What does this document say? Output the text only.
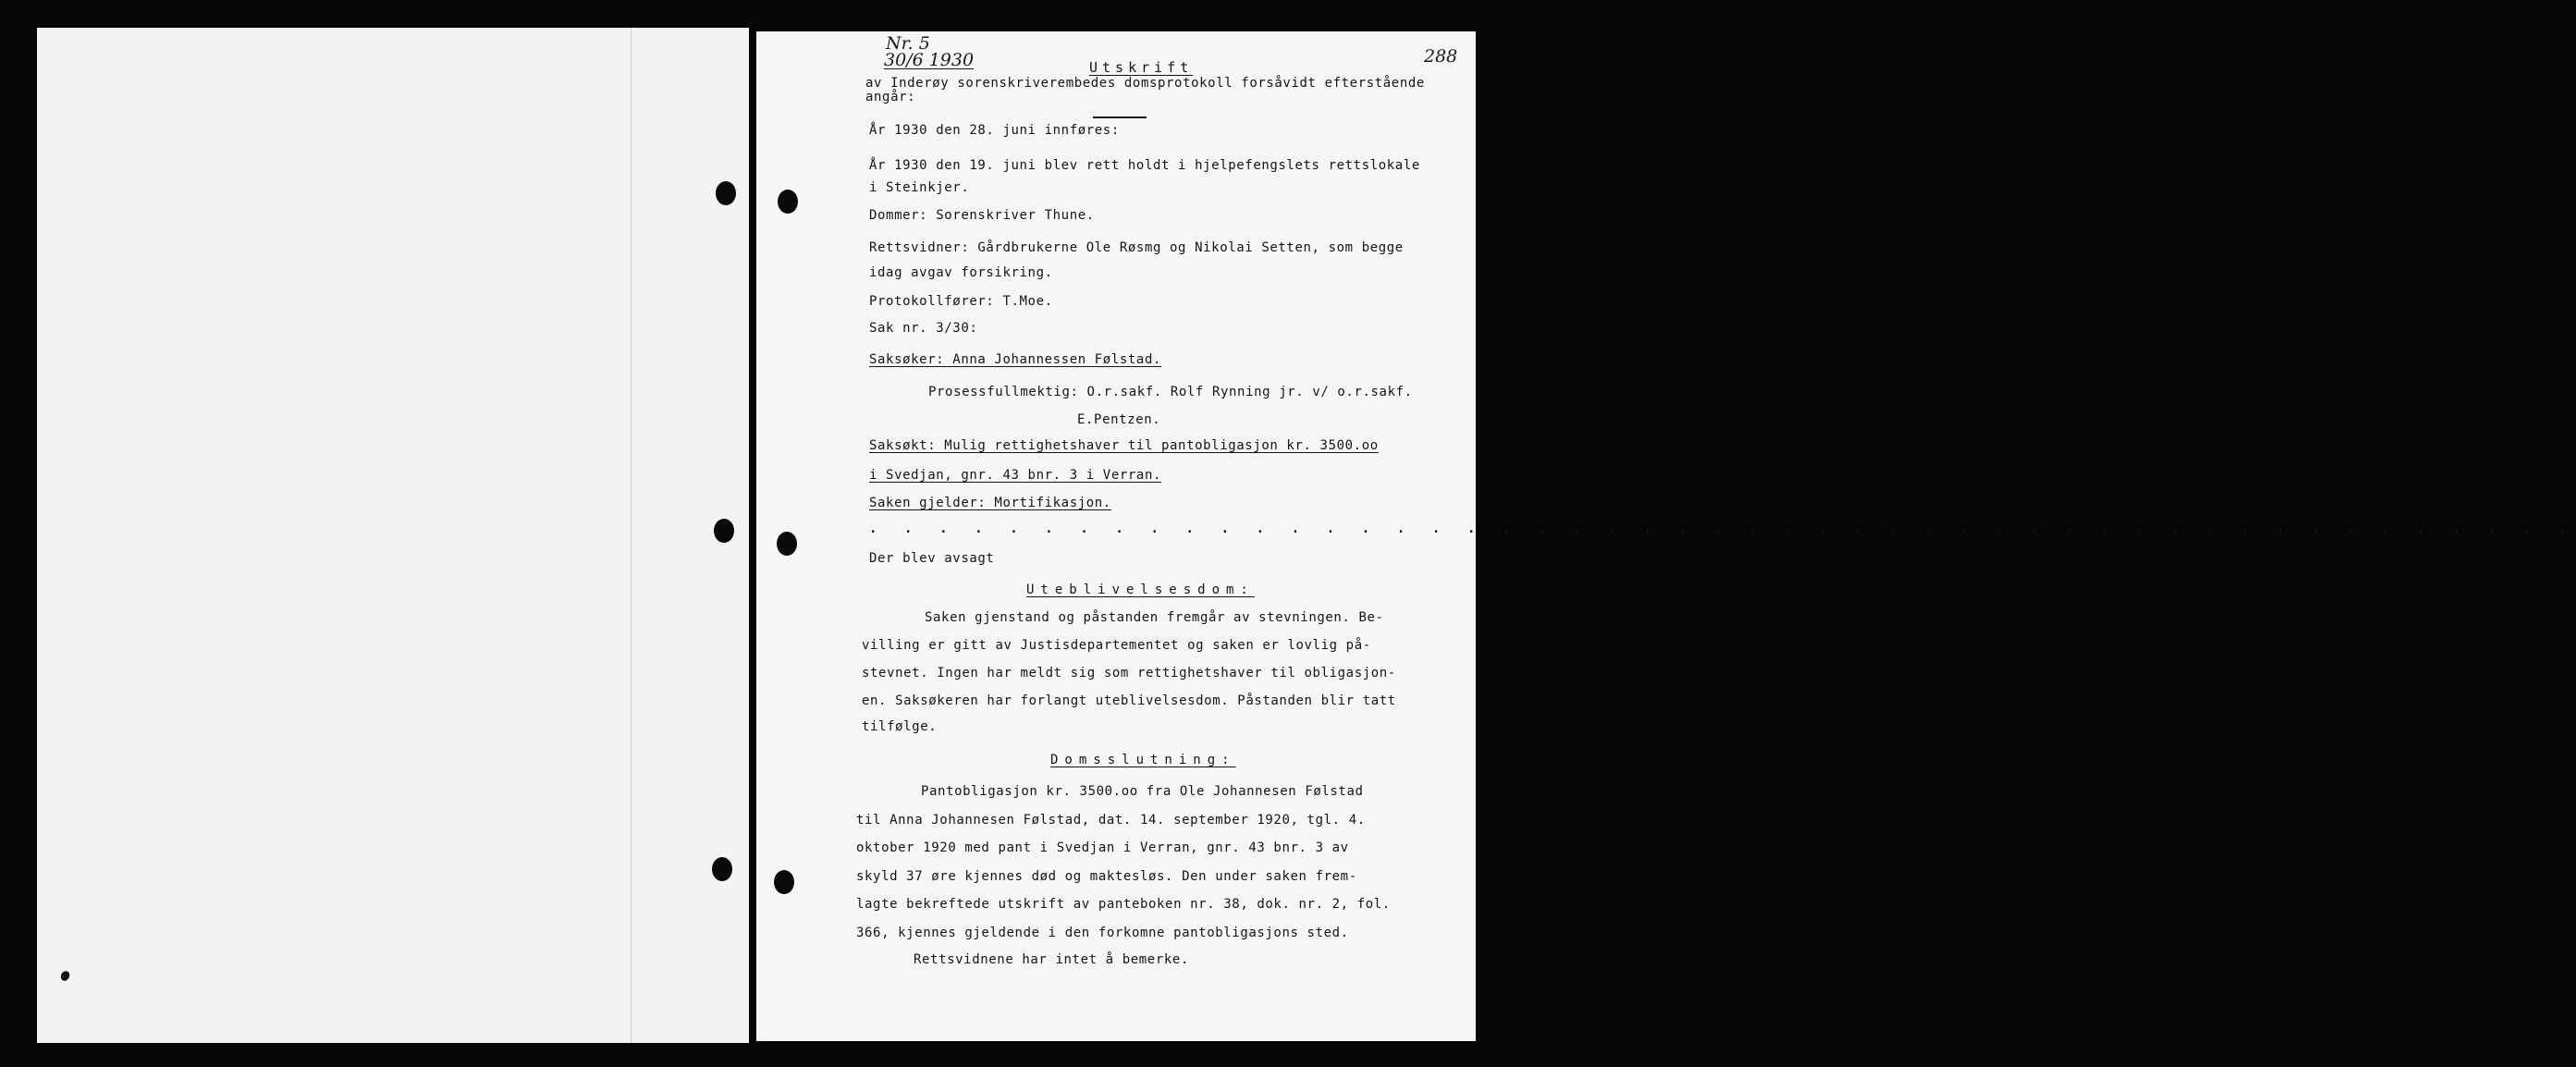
Nr. 5
30/6 1930	Utskrift
288
av Inderøy sorenskriverembedes domsprotokoll forsåvidt efterstående
angår:
År 1930 den 28. juni innføres:
År 1930 den 19. juni blev rett holdt i hjelpefengslets rettslokale
i Steinkjer.
Dommer: Sorenskriver Thune.
Rettsvidner: Gårdbrukerne Ole Røsmg og Nikolai Setten, som begge
idag avgav forsikring.
Protokollfører: T.Moe.
Sak nr. 3/30:
Saksøker: Anna Johannessen Følstad.
Prosessfullmektig: O.r.sakf. Rolf Rynning jr. v/ o.r.sakf.
E.Pentzen.
Saksøkt: Mulig rettighetshaver til pantobligasjon kr. 3500.oo
i Svedjan, gnr. 43 bnr. 3 i Verran.
Saken gjelder: Mortifikasjon.
. . . . . . . . . . . . . . . . . . . . . . . . . . . . . . . . . . . . . . . . . . . . . . . . .
Der blev avsagt
Uteblivelsesdom:
Saken gjenstand og påstanden fremgår av stevningen. Be-
villing er gitt av Justisdepartementet og saken er lovlig på-
stevnet. Ingen har meldt sig som rettighetshaver til obligasjon-
en. Saksøkeren har forlangt uteblivelsesdom. Påstanden blir tatt
tilfølge.
Domsslutning:
Pantobligasjon kr. 3500.oo fra Ole Johannesen Følstad
til Anna Johannesen Følstad, dat. 14. september 1920, tgl. 4.
oktober 1920 med pant i Svedjan i Verran, gnr. 43 bnr. 3 av
skyld 37 øre kjennes død og maktesløs. Den under saken frem-
lagte bekreftede utskrift av panteboken nr. 38, dok. nr. 2, fol.
366, kjennes gjeldende i den forkomne pantobligasjons sted.
Rettsvidnene har intet å bemerke.
